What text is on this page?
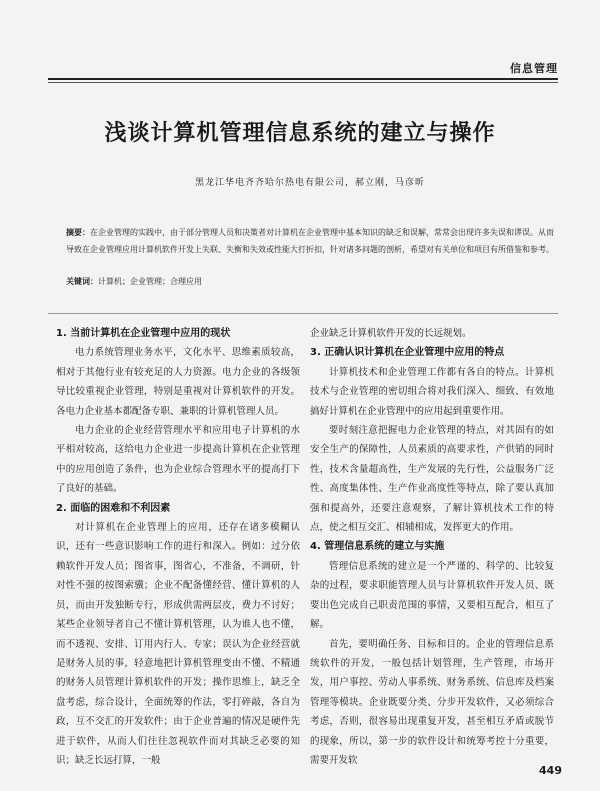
信息管理
浅谈计算机管理信息系统的建立与操作
黑龙江华电齐齐哈尔热电有限公司，郝立刚，马彦昕
摘要：在企业管理的实践中，由于部分管理人员和决策者对计算机在企业管理中基本知识的缺乏和误解，常常会出现许多失误和谬误。从而导致在企业管理应用计算机软件开发上失联、失衡和失效或性能大打折扣，针对诸多问题的剖析，希望对有关单位和项目有所借鉴和参考。
关键词：计算机；企业管理；合理应用
1. 当前计算机在企业管理中应用的现状

电力系统管理业务水平，文化水平、思维素质较高，相对于其他行业有较充足的人力资源。电力企业的各级领导比较重视企业管理，特别是重视对计算机软件的开发。各电力企业基本都配备专职、兼职的计算机管理人员。

电力企业的企业经营管理水平和应用电子计算机的水平相对较高，这给电力企业进一步提高计算机在企业管理中的应用创造了条件，也为企业综合管理水平的提高打下了良好的基础。

2. 面临的困难和不利因素

对计算机在企业管理上的应用，还存在诸多模糊认识，还有一些意识影响工作的进行和深入。例如：过分依赖软件开发人员；图省事，图省心，不准备，不调研，针对性不强的按图索骥；企业不配备懂经营、懂计算机的人员，而由开发独断专行，形成供需两层皮，费力不讨好；某些企业领导者自己不懂计算机管理，认为谁人也不懂，而不透视、安排、订用内行人、专家；误认为企业经营就是财务人员的事，轻意地把计算机管理变由不懂、不精通的财务人员管理计算机软件的开发；操作思维上，缺乏全盘考虑，综合设计，全面统筹的作法，零打碎敲，各自为政，互不交汇的开发软件；由于企业普遍的情况是硬件先进于软件，从而人们往往忽视软件而对其缺乏必要的知识；缺乏长远打算，一般

企业缺乏计算机软件开发的长远规划。

3. 正确认识计算机在企业管理中应用的特点

计算机技术和企业管理工作都有各自的特点。计算机技术与企业管理的密切组合将对我们深入、细致、有效地搞好计算机在企业管理中的应用起到重要作用。

要时刻注意把握电力企业管理的特点，对其固有的如安全生产的保障性，人员素质的高要求性，产供销的同时性，技术含量超高性，生产发展的先行性，公益服务广泛性、高度集体性、生产作业高度性等特点，除了要认真加强和提高外，还要注意观察，了解计算机技术工作的特点，使之相互交汇、相辅相成，发挥更大的作用。

4. 管理信息系统的建立与实施

管理信息系统的建立是一个严谨的、科学的、比较复杂的过程，要求职能管理人员与计算机软件开发人员、既要出色完成自己职责范围的事情，又要相互配合，相互了解。

首先，要明确任务、目标和目的。企业的管理信息系统软件的开发，一般包括计划管理，生产管理，市场开发，用户事控、劳动人事系统、财务系统、信息库及档案管理等模块。企业既要分类、分步开发软件，又必须综合考虑，否则，很容易出现重复开发，甚至相互矛盾或脱节的现象，所以，第一步的软件设计和统筹考控十分重要，需要开发软

449
